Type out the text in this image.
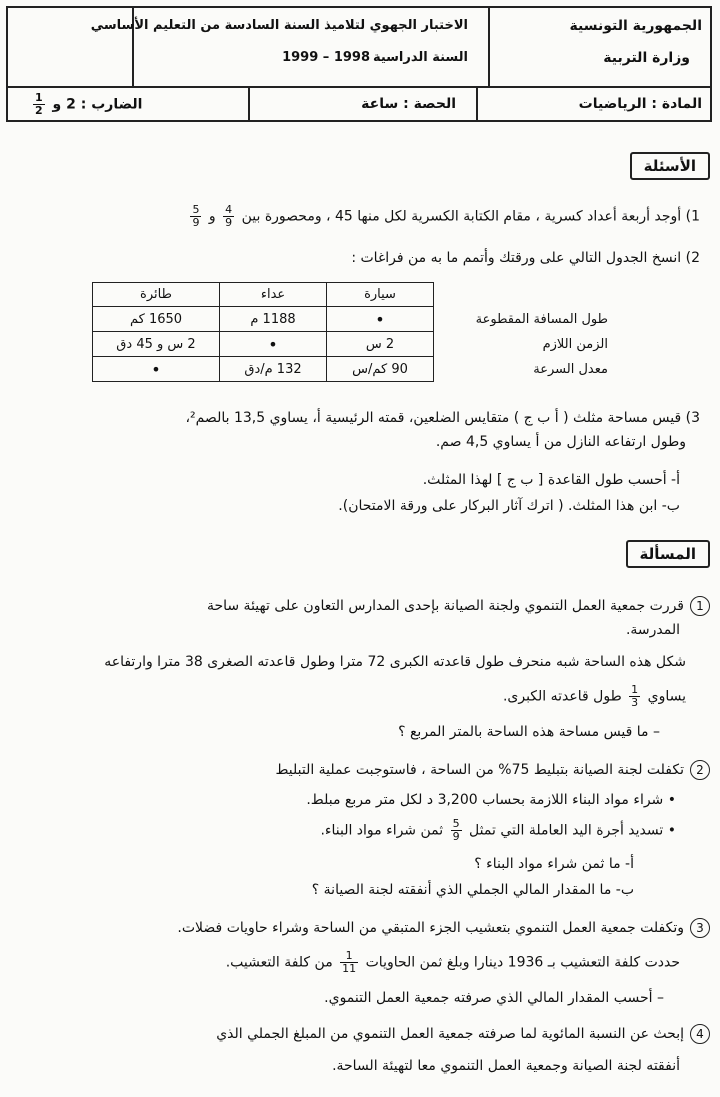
الجمهورية التونسية
وزارة التربية
الاختبار الجهوي لتلاميذ السنة السادسة من التعليم الأساسي
السنة الدراسية
1998 – 1999
المادة : الرياضيات
الحصة : ساعة
الضارب : 2 و
$\frac{1}{2}$
الأسئلة
1) أوجد أربعة أعداد كسرية ، مقام الكتابة الكسرية لكل منها 45 ، ومحصورة بين
$\frac{4}{9}$
و
$\frac{5}{9}$
2) انسخ الجدول التالي على ورقتك وأتمم ما به من فراغات :
	سيارة	عداء	طائرة
طول المسافة المقطوعة	•	1188 م	1650 كم
الزمن اللازم	2 س	•	2 س و 45 دق
معدل السرعة	90 كم/س	132 م/دق	•
3) قيس مساحة مثلث ( أ ب ج ) متقايس الضلعين، قمته الرئيسية أ، يساوي 13,5 بالصم²،
وطول ارتفاعه النازل من أ يساوي 4,5 صم.
أ- أحسب طول القاعدة [ ب ج ] لهذا المثلث.
ب- ابن هذا المثلث. ( اترك آثار البركار على ورقة الامتحان).
المسألة
1قررت جمعية العمل التنموي ولجنة الصيانة بإحدى المدارس التعاون على تهيئة ساحة
المدرسة.
شكل هذه الساحة شبه منحرف طول قاعدته الكبرى 72 مترا وطول قاعدته الصغرى 38 مترا وارتفاعه
يساوي
$\frac{1}{3}$
طول قاعدته الكبرى.
– ما قيس مساحة هذه الساحة بالمتر المربع ؟
2تكفلت لجنة الصيانة بتبليط 75% من الساحة ، فاستوجبت عملية التبليط
• شراء مواد البناء اللازمة بحساب 3,200 د لكل متر مربع مبلط.
• تسديد أجرة اليد العاملة التي تمثل
$\frac{5}{9}$
ثمن شراء مواد البناء.
أ- ما ثمن شراء مواد البناء ؟
ب- ما المقدار المالي الجملي الذي أنفقته لجنة الصيانة ؟
3وتكفلت جمعية العمل التنموي بتعشيب الجزء المتبقي من الساحة وشراء حاويات فضلات.
حددت كلفة التعشيب بـ 1936 دينارا وبلغ ثمن الحاويات
$\frac{1}{11}$
من كلفة التعشيب.
– أحسب المقدار المالي الذي صرفته جمعية العمل التنموي.
4إبحث عن النسبة المائوية لما صرفته جمعية العمل التنموي من المبلغ الجملي الذي
أنفقته لجنة الصيانة وجمعية العمل التنموي معا لتهيئة الساحة.
